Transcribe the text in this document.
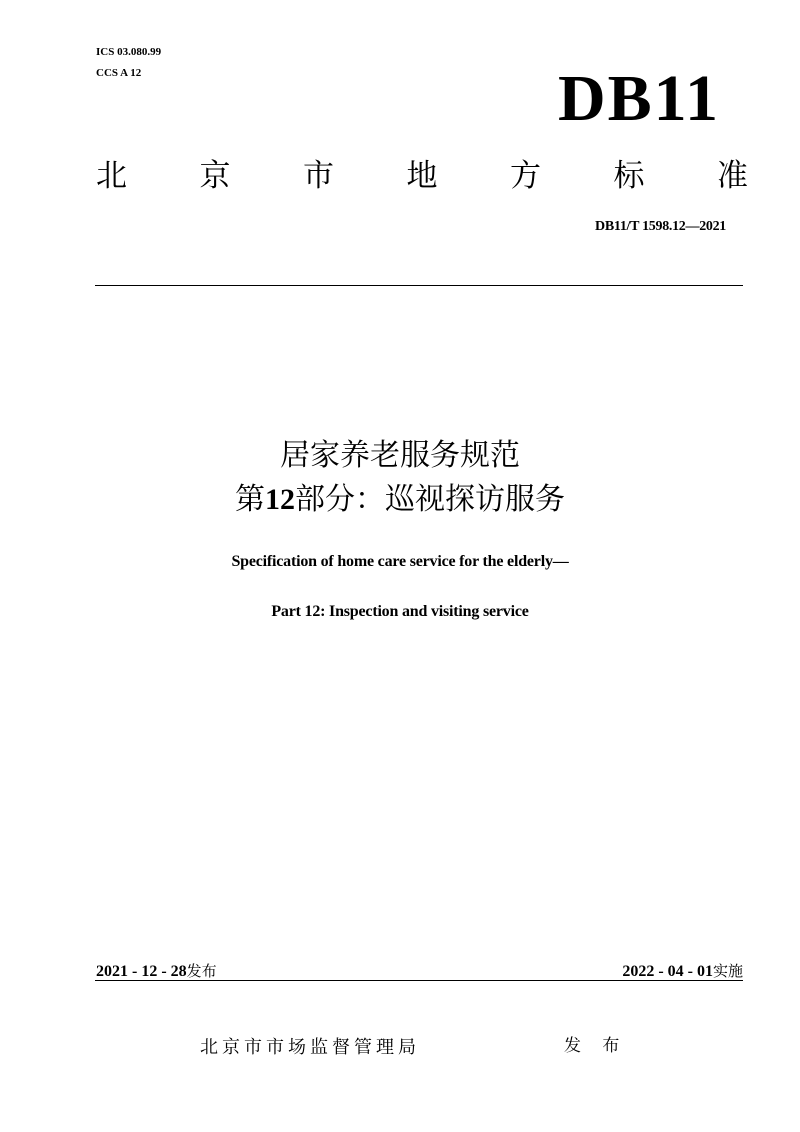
ICS 03.080.99
CCS A 12	DB11
北 京 市 地 方 标 准
DB11/T 1598.12—2021
居家养老服务规范
第12部分：巡视探访服务
Specification of home care service for the elderly—
Part 12: Inspection and visiting service
2021 - 12 - 28发布	2022 - 04 - 01实施
北京市市场监督管理局	发 布
